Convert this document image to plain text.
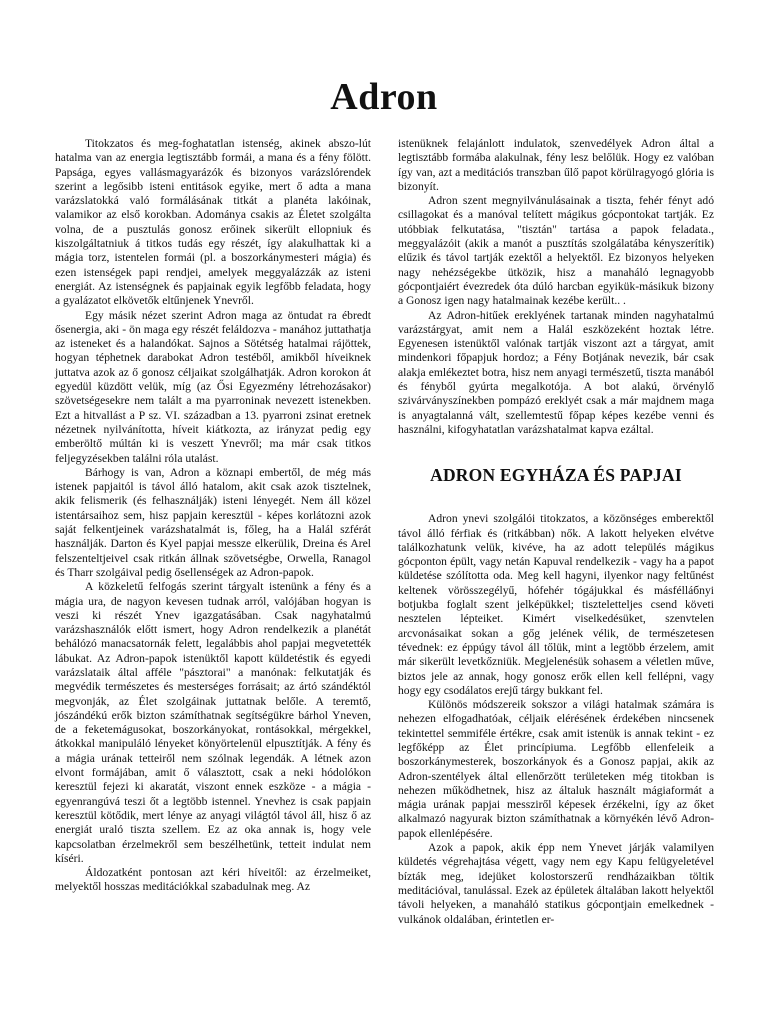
Adron

Titokzatos és meg-foghatatlan istenség, akinek abszo-lút hatalma van az energia legtisztább formái, a mana és a fény fölött. Papsága, egyes vallásmagyarázók és bizonyos varázslórendek szerint a legősibb isteni entitások egyike, mert ő adta a mana varázslatokká való formálásának titkát a planéta lakóinak, valamikor az első korokban. Adománya csakis az Életet szolgálta volna, de a pusztulás gonosz erőinek sikerült ellopniuk és kiszolgáltatniuk á titkos tudás egy részét, így alakulhattak ki a mágia torz, istentelen formái (pl. a boszorkánymesteri mágia) és ezen istenségek papi rendjei, amelyek meggyalázzák az isteni energiát. Az istenségnek és papjainak egyik legfőbb feladata, hogy a gyalázatot elkövetők eltűnjenek Ynevről.

Egy másik nézet szerint Adron maga az öntudat ra ébredt ősenergia, aki - ön maga egy részét feláldozva - manához juttathatja az isteneket és a halandókat. Sajnos a Sötétség hatalmai rájöttek, hogyan téphetnek darabokat Adron testéből, amikből híveiknek juttatva azok az ő gonosz céljaikat szolgálhatják. Adron korokon át egyedül küzdött velük, míg (az Ősi Egyezmény létrehozásakor) szövetségesekre nem talált a ma pyarroninak nevezett istenekben. Ezt a hitvallást a P sz. VI. században a 13. pyarroni zsinat eretnek nézetnek nyilvánította, híveit kiátkozta, az irányzat pedig egy emberöltő múltán ki is veszett Ynevről; ma már csak titkos feljegyzésekben találni róla utalást.

Bárhogy is van, Adron a köznapi embertől, de még más istenek papjaitól is távol álló hatalom, akit csak azok tisztelnek, akik felismerik (és felhasználják) isteni lényegét. Nem áll közel istentársaihoz sem, hisz papjain keresztül - képes korlátozni azok saját felkentjeinek varázshatalmát is, főleg, ha a Halál szférát használják. Darton és Kyel papjai messze elkerülik, Dreina és Arel felszenteltjeivel csak ritkán állnak szövetségbe, Orwella, Ranagol és Tharr szolgáival pedig ősellenségek az Adron-papok.

A közkeletű felfogás szerint tárgyalt istenünk a fény és a mágia ura, de nagyon kevesen tudnak arról, valójában hogyan is veszi ki részét Ynev igazgatásában. Csak nagyhatalmú varázshasználók előtt ismert, hogy Adron rendelkezik a planétát behálózó manacsatornák felett, legalábbis ahol papjai megvetették lábukat. Az Adron-papok istenüktől kapott küldetéstik és egyedi varázslataik által afféle "pásztorai" a manónak: felkutatják és megvédik természetes és mesterséges forrásait; az ártó szándéktól megvonják, az Élet szolgáinak juttatnak belőle. A teremtő, jószándékú erők bizton számíthatnak segítségükre bárhol Yneven, de a feketemágusokat, boszorkányokat, rontásokkal, mérgekkel, átkokkal manipuláló lényeket könyörtelenül elpusztítják. A fény és a mágia urának tetteiről nem szólnak legendák. A létnek azon elvont formájában, amit ő választott, csak a neki hódolókon keresztül fejezi ki akaratát, viszont ennek eszköze - a mágia - egyenrangúvá teszi őt a legtöbb istennel. Ynevhez is csak papjain keresztül kötődik, mert lénye az anyagi világtól távol áll, hisz ő az energiát uraló tiszta szellem. Ez az oka annak is, hogy vele kapcsolatban érzelmekről sem beszélhetünk, tetteit indulat nem kíséri.

Áldozatként pontosan azt kéri híveitől: az érzelmeiket, melyektől hosszas meditációkkal szabadulnak meg. Az

istenüknek felajánlott indulatok, szenvedélyek Adron által a legtisztább formába alakulnak, fény lesz belőlük. Hogy ez valóban így van, azt a meditációs transzban űlő papot körülragyogó glória is bizonyít.

Adron szent megnyilvánulásainak a tiszta, fehér fényt adó csillagokat és a manóval telített mágikus gócpontokat tartják. Ez utóbbiak felkutatása, "tisztán" tartása a papok feladata., meggyalázóit (akik a manót a pusztítás szolgálatába kényszerítik) elűzik és távol tartják ezektől a helyektől. Ez bizonyos helyeken nagy nehézségekbe ütközik, hisz a manahálό legnagyobb gócpontjaiért évezredek óta dúló harcban egyikük-másikuk bizony a Gonosz igen nagy hatalmainak kezébe került.. .

Az Adron-hitűek ereklyének tartanak minden nagyhatalmú varázstárgyat, amit nem a Halál eszközeként hoztak létre. Egyenesen istenüktől valónak tartják viszont azt a tárgyat, amit mindenkori főpapjuk hordoz; a Fény Botjának nevezik, bár csak alakja emlékeztet botra, hisz nem anyagi természetű, tiszta manából és fényből gyúrta megalkotója. A bot alakú, örvénylő szivárványszínekben pompázó ereklyét csak a már majdnem maga is anyagtalanná vált, szellemtestű főpap képes kezébe venni és használni, kifogyhatatlan varázshatalmat kapva ezáltal.

ADRON EGYHÁZA ÉS PAPJAI

Adron ynevi szolgálói titokzatos, a közönséges emberektől távol álló férfiak és (ritkábban) nők. A lakott helyeken elvétve találkozhatunk velük, kivéve, ha az adott település mágikus gócponton épült, vagy netán Kapuval rendelkezik - vagy ha a papot küldetése szólította oda. Meg kell hagyni, ilyenkor nagy feltűnést keltenek vörösszegélyű, hófehér tógájukkal és másfélláбnyi botjukba foglalt szent jelképükkel; tiszteletteljes csend követi nesztelen lépteiket. Kimért viselkedésüket, szenvtelen arcvonásaikat sokan a gőg jelének vélik, de természetesen tévednek: ez éppúgy távol áll tőlük, mint a legtöbb érzelem, amit már sikerült levetkőzniük. Megjelenésük sohasem a véletlen műve, biztos jele az annak, hogy gonosz erők ellen kell fellépni, vagy hogy egy csodálatos erejű tárgy bukkant fel.

Különös módszereik sokszor a világi hatalmak számára is nehezen elfogadhatóak, céljaik elérésének érdekében nincsenek tekintettel semmiféle értékre, csak amit istenük is annak tekint - ez legfőképp az Élet princípiuma. Legfőbb ellenfeleik a boszorkánymesterek, boszorkányok és a Gonosz papjai, akik az Adron-szentélyek által ellenőrzött területeken még titokban is nehezen működhetnek, hisz az általuk használt mágiaformát a mágia urának papjai messziről képesek érzékelni, így az őket alkalmazó nagyurak bizton számíthatnak a környékén lévő Adron-papok ellenlépésére.

Azok a papok, akik épp nem Ynevet járják valamilyen küldetés végrehajtása végett, vagy nem egy Kapu felügyeletével bízták meg, idejüket kolostorszerű rendházaikban töltik meditációval, tanulással. Ezek az épületek általában lakott helyektől távoli helyeken, a manahálό statikus gócpontjain emelkednek - vulkánok oldalában, érintetlen er-
